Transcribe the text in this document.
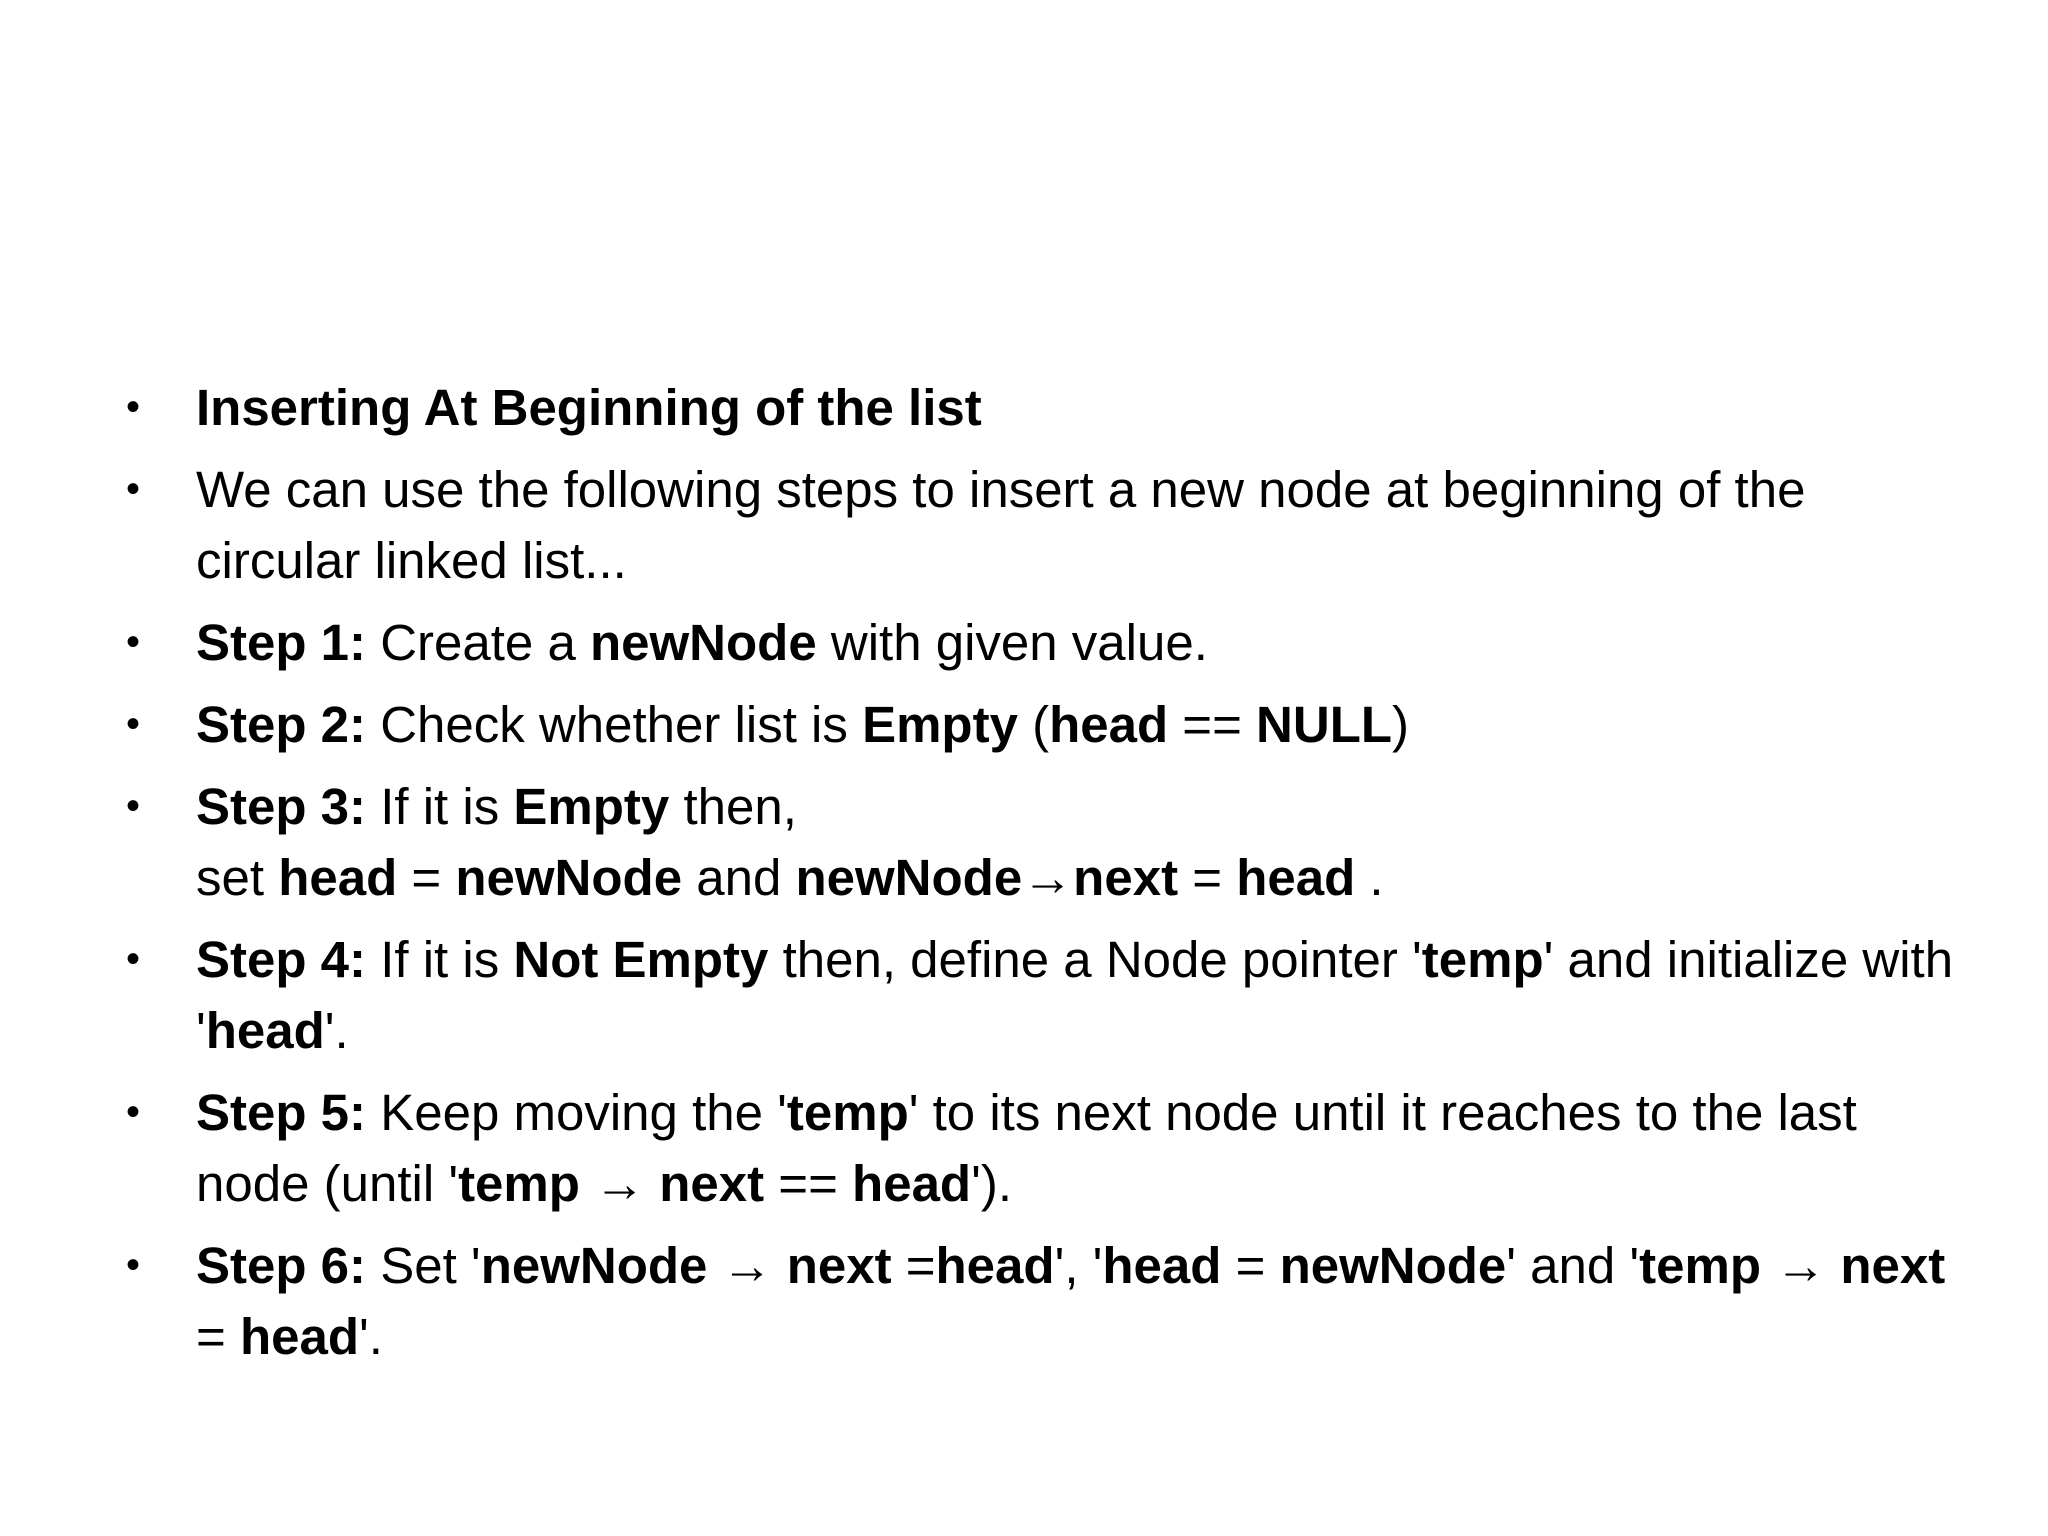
• Inserting At Beginning of the list
• We can use the following steps to insert a new node at beginning of the circular linked list...
• Step 1: Create a newNode with given value.
• Step 2: Check whether list is Empty (head == NULL)
• Step 3: If it is Empty then,
set head = newNode and newNode→next = head .
• Step 4: If it is Not Empty then, define a Node pointer 'temp' and initialize with 'head'.
• Step 5: Keep moving the 'temp' to its next node until it reaches to the last node (until 'temp → next == head').
• Step 6: Set 'newNode → next =head', 'head = newNode' and 'temp → next = head'.
